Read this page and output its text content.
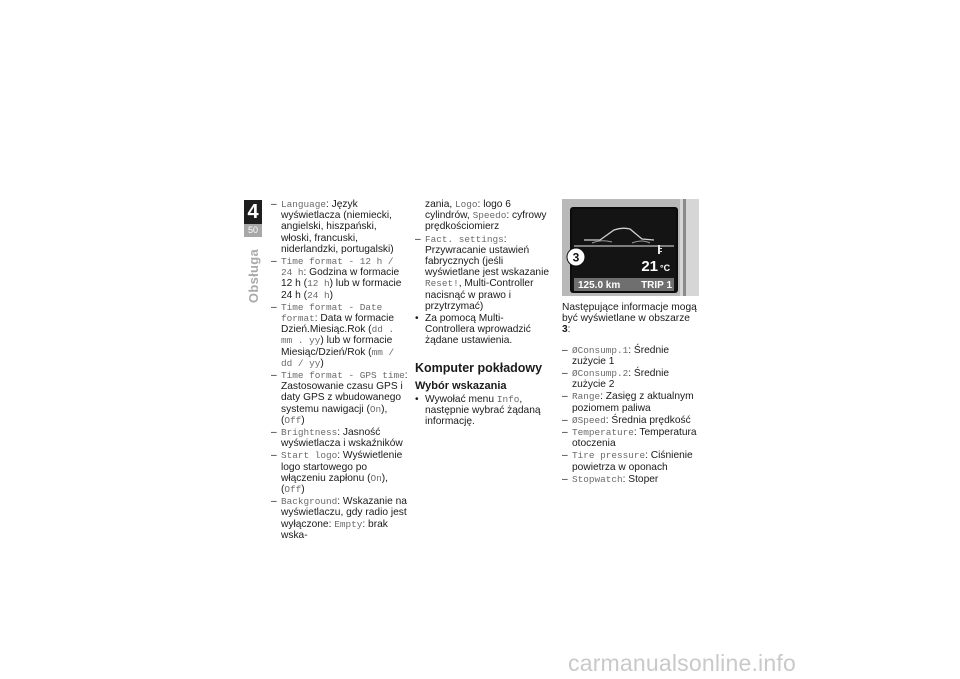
4
50
Obsługa
– Language: Język wyświetlacza (niemiecki, angielski, hiszpański, włoski, francuski, niderlandzki, portugalski)
– Time format - 12 h / 24 h: Godzina w formacie 12 h (12 h) lub w formacie 24 h (24 h)
– Time format - Date format: Data w formacie Dzień.Miesiąc.Rok (dd . mm . yy) lub w formacie Miesiąc/Dzień/Rok (mm / dd / yy)
– Time format - GPS time: Zastosowanie czasu GPS i daty GPS z wbudowanego systemu nawigacji (On), (Off)
– Brightness: Jasność wyświetlacza i wskaźników
– Start logo: Wyświetlenie logo startowego po włączeniu zapłonu (On), (Off)
– Background: Wskazanie na wyświetlaczu, gdy radio jest wyłączone: Empty: brak wska-
zania, Logo: logo 6 cylindrów, Speedo: cyfrowy prędkościomierz
– Fact. settings: Przywracanie ustawień fabrycznych (jeśli wyświetlane jest wskazanie Reset!, Multi-Controller nacisnąć w prawo i przytrzymać)
• Za pomocą Multi-Controllera wprowadzić żądane ustawienia.
Komputer pokładowy
Wybór wskazania
• Wywołać menu Info, następnie wybrać żądaną informację.
3
21 °C
125.0 km TRIP 1
Następujące informacje mogą być wyświetlane w obszarze 3:
– ØConsump.1: Średnie zużycie 1
– ØConsump.2: Średnie zużycie 2
– Range: Zasięg z aktualnym poziomem paliwa
– ØSpeed: Średnia prędkość
– Temperature: Temperatura otoczenia
– Tire pressure: Ciśnienie powietrza w oponach
– Stopwatch: Stoper
carmanualsonline.info
